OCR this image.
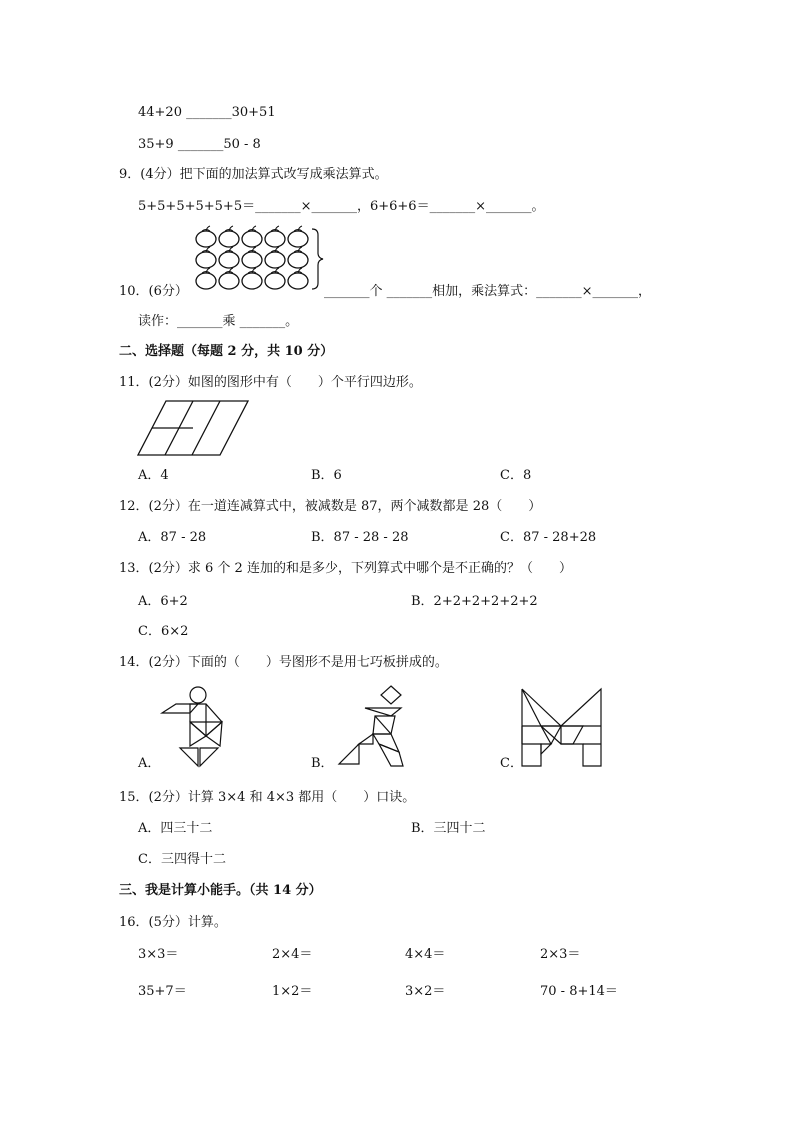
44+20 _______30+51
35+9 _______50 - 8
9．(4分）把下面的加法算式改写成乘法算式。
5+5+5+5+5+5＝_______×_______，6+6+6＝_______×_______。
10．(6分）	_______个 _______相加，乘法算式：_______×_______，
读作：_______乘 _______。
二、选择题（每题 2 分，共 10 分）
11．(2分）如图的图形中有（　　）个平行四边形。
A．4	B．6	C．8
12．(2分）在一道连减算式中，被减数是 87，两个减数都是 28（　　）
A．87 - 28	B．87 - 28 - 28	C．87 - 28+28
13．(2分）求 6 个 2 连加的和是多少，下列算式中哪个是不正确的？（　　）
A．6+2	B．2+2+2+2+2+2
C．6×2
14．(2分）下面的（　　）号图形不是用七巧板拼成的。
A．	B．	C．
15．(2分）计算 3×4 和 4×3 都用（　　）口诀。
A．四三十二	B．三四十二
C．三四得十二
三、我是计算小能手。（共 14 分）
16．(5分）计算。
3×3＝	2×4＝	4×4＝	2×3＝
35+7＝	1×2＝	3×2＝	70 - 8+14＝
